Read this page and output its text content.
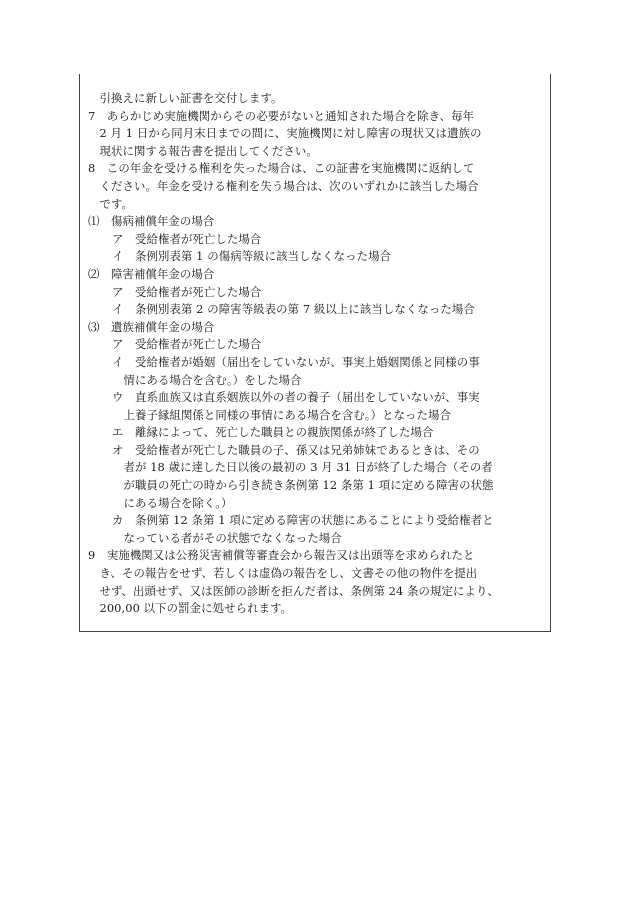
　引換えに新しい証書を交付します。
7　あらかじめ実施機関からその必要がないと通知された場合を除き、毎年
　2 月 1 日から同月末日までの間に、実施機関に対し障害の現状又は遺族の
　現状に関する報告書を提出してください。
8　この年金を受ける権利を失った場合は、この証書を実施機関に返納して
　ください。年金を受ける権利を失う場合は、次のいずれかに該当した場合
　です。
⑴　傷病補償年金の場合
ア　受給権者が死亡した場合
イ　条例別表第 1 の傷病等級に該当しなくなった場合
⑵　障害補償年金の場合
ア　受給権者が死亡した場合
イ　条例別表第 2 の障害等級表の第 7 級以上に該当しなくなった場合
⑶　遺族補償年金の場合
ア　受給権者が死亡した場合
イ　受給権者が婚姻（届出をしていないが、事実上婚姻関係と同様の事
　情にある場合を含む。）をした場合
ウ　直系血族又は直系姻族以外の者の養子（届出をしていないが、事実
　上養子縁組関係と同様の事情にある場合を含む。）となった場合
エ　離縁によって、死亡した職員との親族関係が終了した場合
オ　受給権者が死亡した職員の子、孫又は兄弟姉妹であるときは、その
　者が 18 歳に達した日以後の最初の 3 月 31 日が終了した場合（その者
　が職員の死亡の時から引き続き条例第 12 条第 1 項に定める障害の状態
　にある場合を除く。）
カ　条例第 12 条第 1 項に定める障害の状態にあることにより受給権者と
　なっている者がその状態でなくなった場合
9　実施機関又は公務災害補償等審査会から報告又は出頭等を求められたと
　き、その報告をせず、若しくは虚偽の報告をし、文書その他の物件を提出
　せず、出頭せず、又は医師の診断を拒んだ者は、条例第 24 条の規定により、
　200,00 以下の罰金に処せられます。
